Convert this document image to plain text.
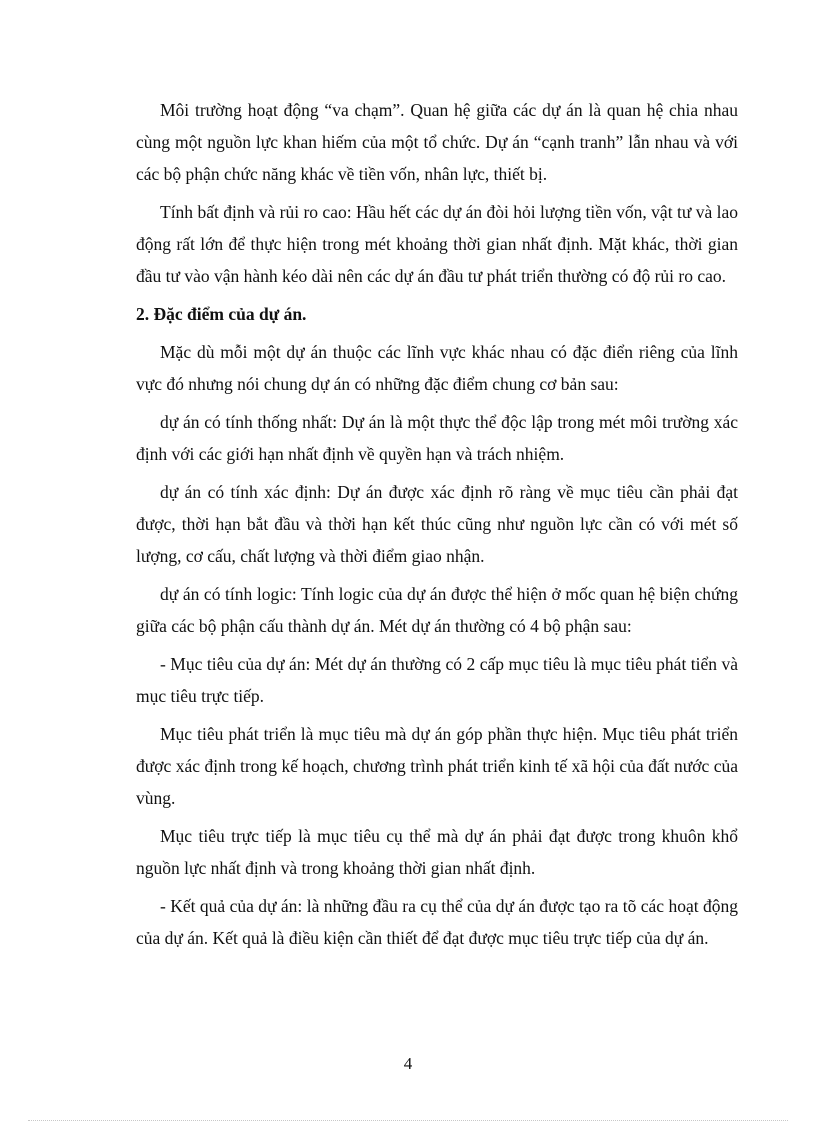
Môi trường hoạt động “va chạm”. Quan hệ giữa các dự án là quan hệ chia nhau cùng một nguồn lực khan hiếm của một tổ chức. Dự án “cạnh tranh” lẫn nhau và với các bộ phận chức năng khác về tiền vốn, nhân lực, thiết bị.

Tính bất định và rủi ro cao: Hầu hết các dự án đòi hỏi lượng tiền vốn, vật tư và lao động rất lớn để thực hiện trong mét khoảng thời gian nhất định. Mặt khác, thời gian đầu tư vào vận hành kéo dài nên các dự án đầu tư phát triển thường có độ rủi ro cao.

2. Đặc điểm của dự án.

Mặc dù mỗi một dự án thuộc các lĩnh vực khác nhau có đặc điển riêng của lĩnh vực đó nhưng nói chung dự án có những đặc điểm chung cơ bản sau:

dự án có tính thống nhất: Dự án là một thực thể độc lập trong mét môi trường xác định với các giới hạn nhất định về quyền hạn và trách nhiệm.

dự án có tính xác định: Dự án được xác định rõ ràng về mục tiêu cần phải đạt được, thời hạn bắt đầu và thời hạn kết thúc cũng như nguồn lực cần có với mét số lượng, cơ cấu, chất lượng và thời điểm giao nhận.

dự án có tính logic: Tính logic của dự án được thể hiện ở mốc quan hệ biện chứng giữa các bộ phận cấu thành dự án. Mét dự án thường có 4 bộ phận sau:

- Mục tiêu của dự án: Mét dự án thường có 2 cấp mục tiêu là mục tiêu phát tiển và mục tiêu trực tiếp.

Mục tiêu phát triển là mục tiêu mà dự án góp phần thực hiện. Mục tiêu phát triển được xác định trong kế hoạch, chương trình phát triển kinh tế xã hội của đất nước của vùng.

Mục tiêu trực tiếp là mục tiêu cụ thể mà dự án phải đạt được trong khuôn khổ nguồn lực nhất định và trong khoảng thời gian nhất định.

- Kết quả của dự án: là những đầu ra cụ thể của dự án được tạo ra tõ các hoạt động của dự án. Kết quả là điều kiện cần thiết để đạt được mục tiêu trực tiếp của dự án.

4
